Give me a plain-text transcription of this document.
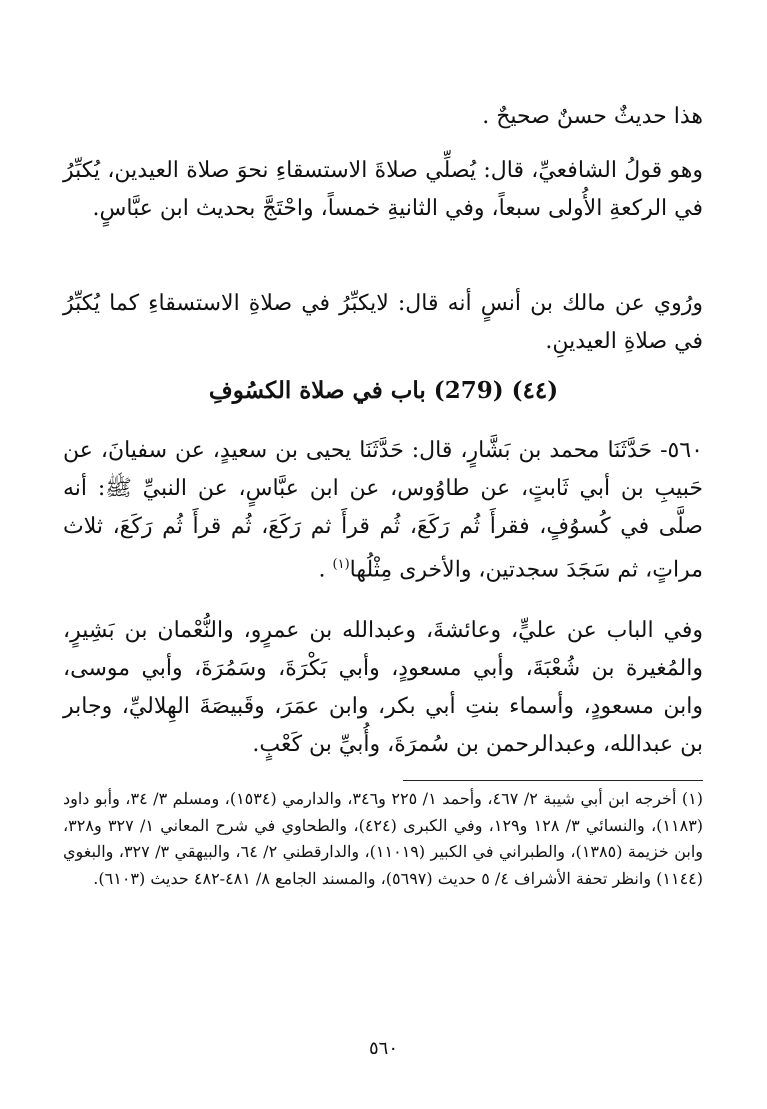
هذا حديثٌ حسنٌ صحيحٌ .

وهو قولُ الشافعيِّ، قال: يُصلِّي صلاةَ الاستسقاءِ نحوَ صلاة العيدين، يُكبِّرُ في الركعةِ الأُولى سبعاً، وفي الثانيةِ خمساً، واحْتَجَّ بحديث ابن عبَّاسٍ.

ورُوي عن مالك بن أنسٍ أنه قال: لايكبِّرُ في صلاةِ الاستسقاءِ كما يُكبِّرُ في صلاةِ العيدينِ.

(٤٤) (279) باب في صلاة الكسُوفِ

٥٦٠- حَدَّثَنَا محمد بن بَشَّارٍ، قال: حَدَّثَنَا يحيى بن سعيدٍ، عن سفيانَ، عن حَبيبِ بن أبي ثَابتٍ، عن طاوُوس، عن ابن عبَّاسٍ، عن النبيِّ ﷺ: أنه صلَّى في كُسوُفٍ، فقرأَ ثُم رَكَعَ، ثُم قرأَ ثم رَكَعَ، ثُم قرأَ ثُم رَكَعَ، ثلاث مراتٍ، ثم سَجَدَ سجدتين، والأخرى مِثْلُها$^{(١)}$ .

وفي الباب عن عليٍّ، وعائشةَ، وعبدالله بن عمرٍو، والنُّعْمان بن بَشِيرٍ، والمُغيرة بن شُعْبَةَ، وأبي مسعودٍ، وأبي بَكْرَةَ، وسَمُرَةَ، وأبي موسى، وابن مسعودٍ، وأسماء بنتِ أبي بكر، وابن عمَرَ، وقَبيصَةَ الهِلاليِّ، وجابر بن عبدالله، وعبدالرحمن بن سُمرَةَ، وأُبيِّ بن كَعْبٍ.

(١) أخرجه ابن أبي شيبة ٢/ ٤٦٧، وأحمد ١/ ٢٢٥ و٣٤٦، والدارمي (١٥٣٤)، ومسلم ٣/ ٣٤، وأبو داود (١١٨٣)، والنسائي ٣/ ١٢٨ و١٢٩، وفي الكبرى (٤٢٤)، والطحاوي في شرح المعاني ١/ ٣٢٧ و٣٢٨، وابن خزيمة (١٣٨٥)، والطبراني في الكبير (١١٠١٩)، والدارقطني ٢/ ٦٤، والبيهقي ٣/ ٣٢٧، والبغوي (١١٤٤) وانظر تحفة الأشراف ٤/ ٥ حديث (٥٦٩٧)، والمسند الجامع ٨/ ٤٨١-٤٨٢ حديث (٦١٠٣).

٥٦٠
